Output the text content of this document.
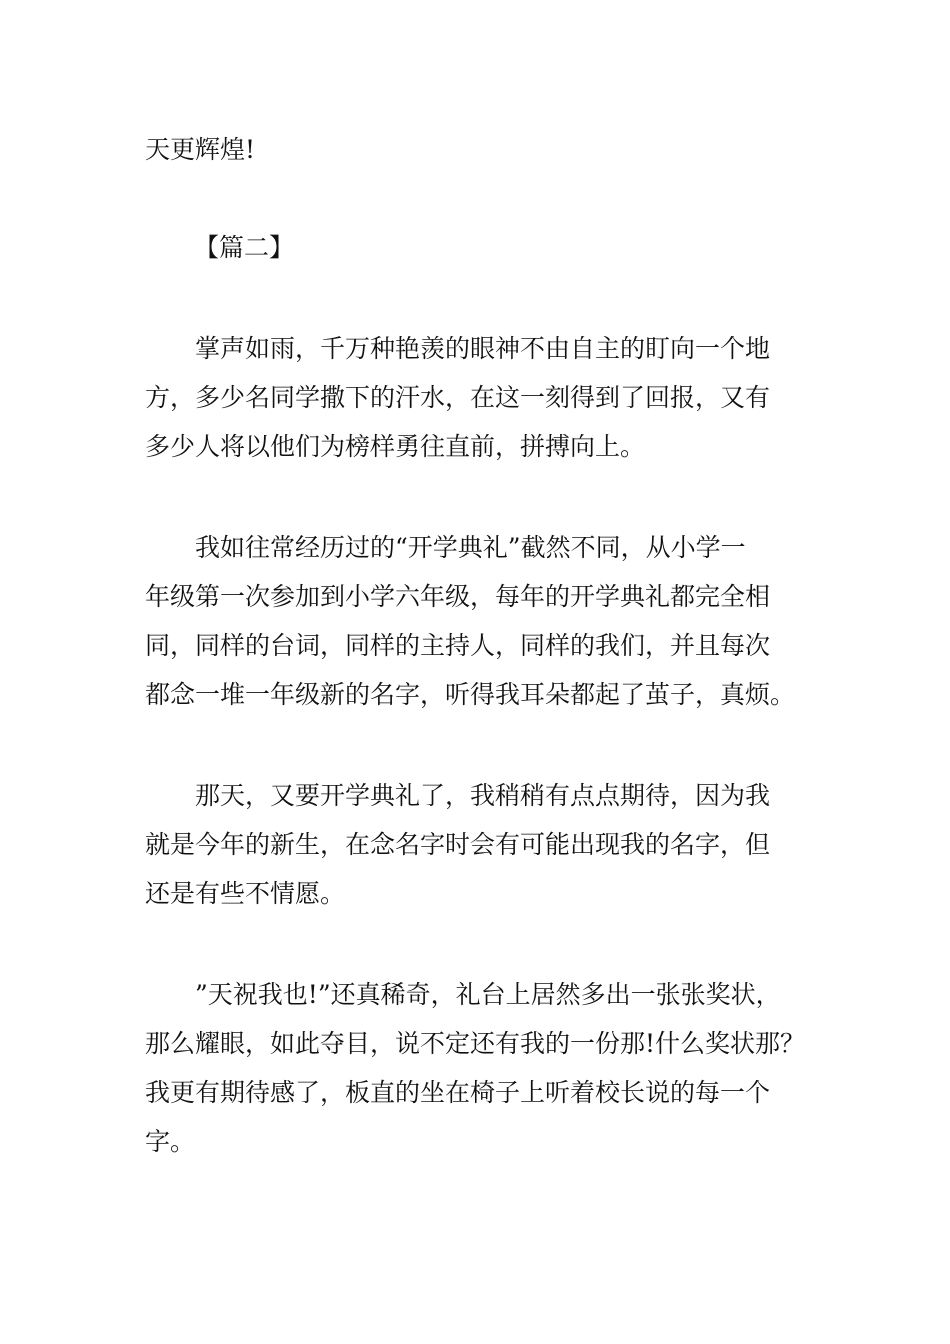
天更辉煌!
【篇二】
掌声如雨，千万种艳羡的眼神不由自主的盯向一个地
方，多少名同学撒下的汗水，在这一刻得到了回报，又有
多少人将以他们为榜样勇往直前，拼搏向上。
我如往常经历过的“开学典礼”截然不同，从小学一
年级第一次参加到小学六年级，每年的开学典礼都完全相
同，同样的台词，同样的主持人，同样的我们，并且每次
都念一堆一年级新的名字，听得我耳朵都起了茧子，真烦。
那天，又要开学典礼了，我稍稍有点点期待，因为我
就是今年的新生，在念名字时会有可能出现我的名字，但
还是有些不情愿。
”天祝我也!”还真稀奇，礼台上居然多出一张张奖状，
那么耀眼，如此夺目，说不定还有我的一份那!什么奖状那？
我更有期待感了，板直的坐在椅子上听着校长说的每一个
字。
